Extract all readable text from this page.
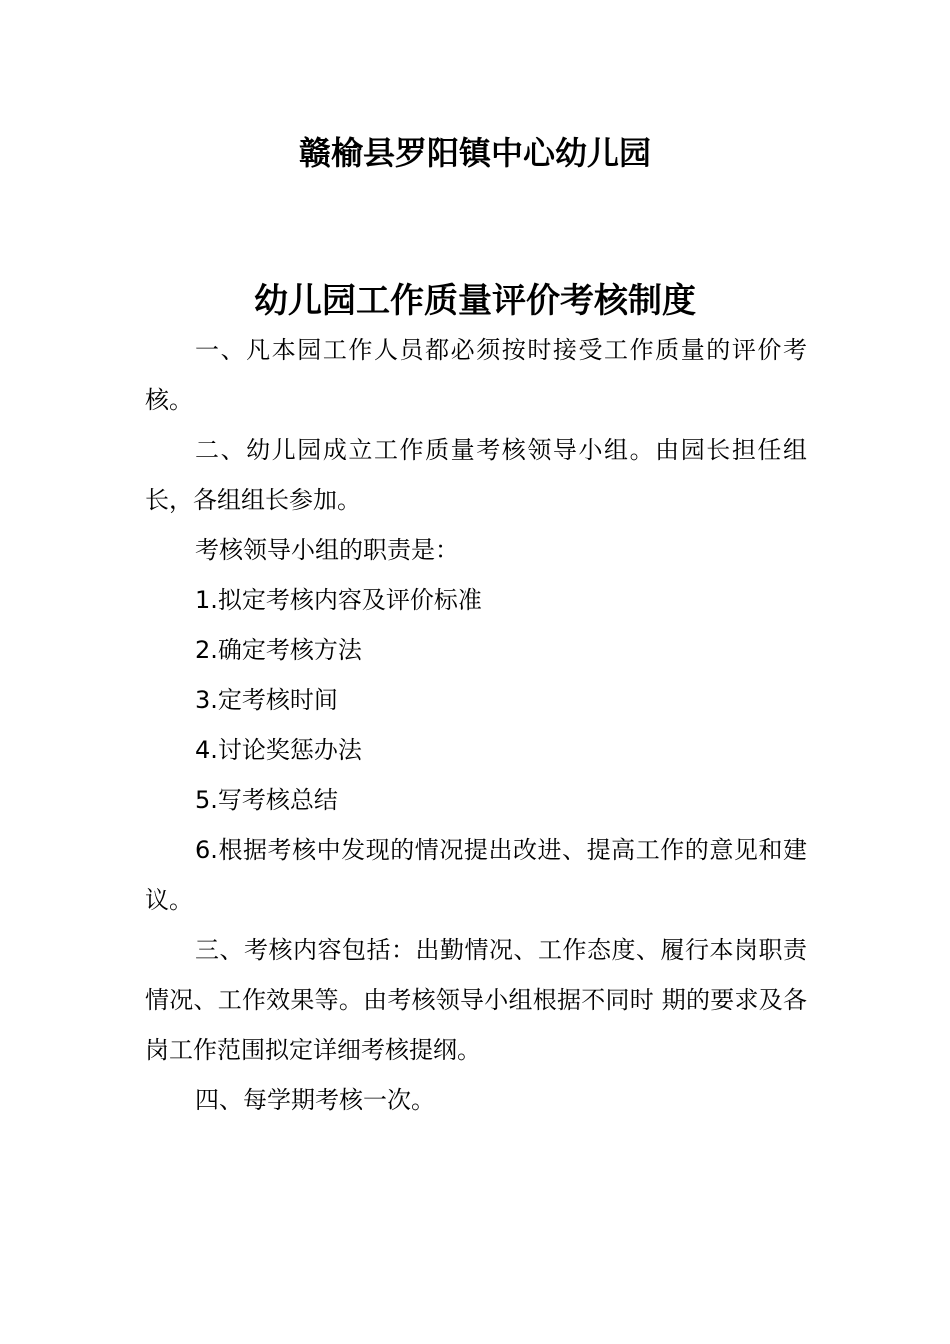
赣榆县罗阳镇中心幼儿园
幼儿园工作质量评价考核制度

一、凡本园工作人员都必须按时接受工作质量的评价考核。

二、幼儿园成立工作质量考核领导小组。由园长担任组长，各组组长参加。

考核领导小组的职责是：

1.拟定考核内容及评价标准

2.确定考核方法

3.定考核时间

4.讨论奖惩办法

5.写考核总结

6.根据考核中发现的情况提出改进、提高工作的意见和建议。

三、考核内容包括：出勤情况、工作态度、履行本岗职责情况、工作效果等。由考核领导小组根据不同时 期的要求及各岗工作范围拟定详细考核提纲。

四、每学期考核一次。
